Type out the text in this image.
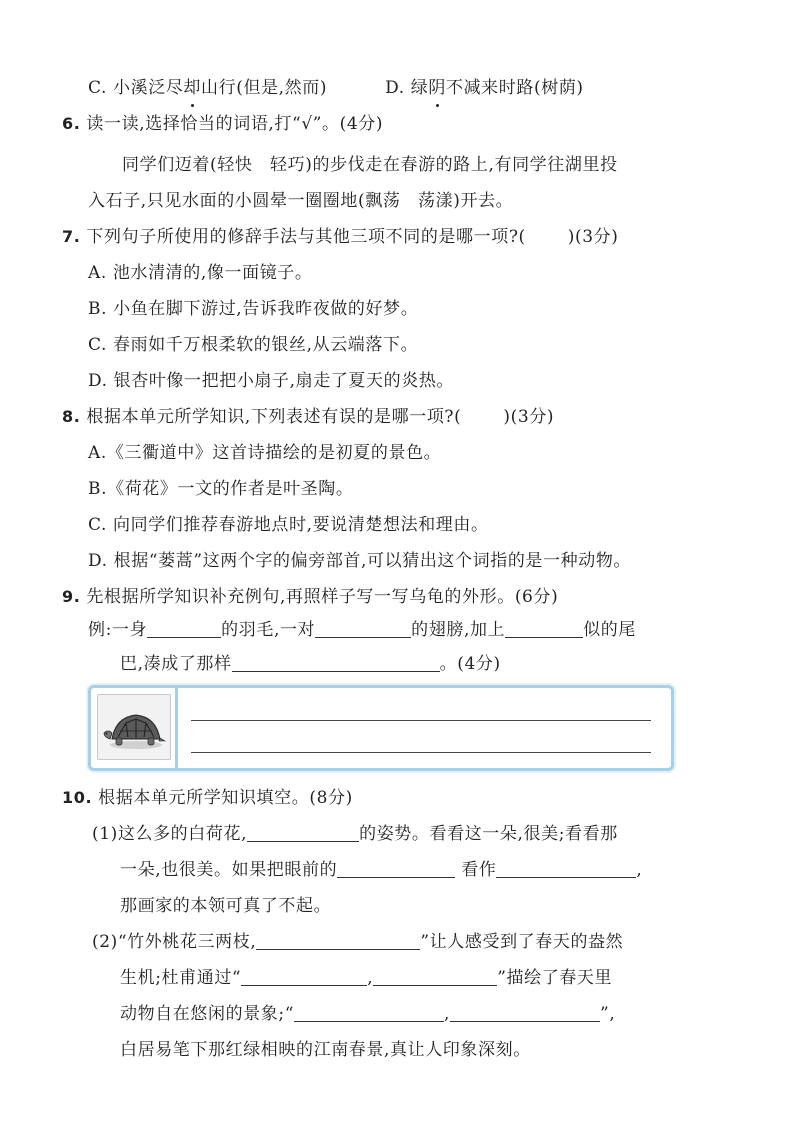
C. 小溪泛尽却山行(但是,然而)	D. 绿阴不减来时路(树荫)
6. 读一读,选择恰当的词语,打“√”。(4分)
同学们迈着(轻快　轻巧)的步伐走在春游的路上,有同学往湖里投
入石子,只见水面的小圆晕一圈圈地(飘荡　荡漾)开去。
7. 下列句子所使用的修辞手法与其他三项不同的是哪一项?( )(3分)
A. 池水清清的,像一面镜子。
B. 小鱼在脚下游过,告诉我昨夜做的好梦。
C. 春雨如千万根柔软的银丝,从云端落下。
D. 银杏叶像一把把小扇子,扇走了夏天的炎热。
8. 根据本单元所学知识,下列表述有误的是哪一项?( )(3分)
A.《三衢道中》这首诗描绘的是初夏的景色。
B.《荷花》一文的作者是叶圣陶。
C. 向同学们推荐春游地点时,要说清楚想法和理由。
D. 根据“蒌蒿”这两个字的偏旁部首,可以猜出这个词指的是一种动物。
9. 先根据所学知识补充例句,再照样子写一写乌龟的外形。(6分)
例:一身	的羽毛,一对	的翅膀,加上	似的尾
巴,凑成了那样	。(4分)
10. 根据本单元所学知识填空。(8分)
(1)这么多的白荷花,	的姿势。看看这一朵,很美;看看那
一朵,也很美。如果把眼前的	看作	,
那画家的本领可真了不起。
(2)“竹外桃花三两枝,	”让人感受到了春天的盎然
生机;杜甫通过“	,	”描绘了春天里
动物自在悠闲的景象;“	,	”,
白居易笔下那红绿相映的江南春景,真让人印象深刻。
